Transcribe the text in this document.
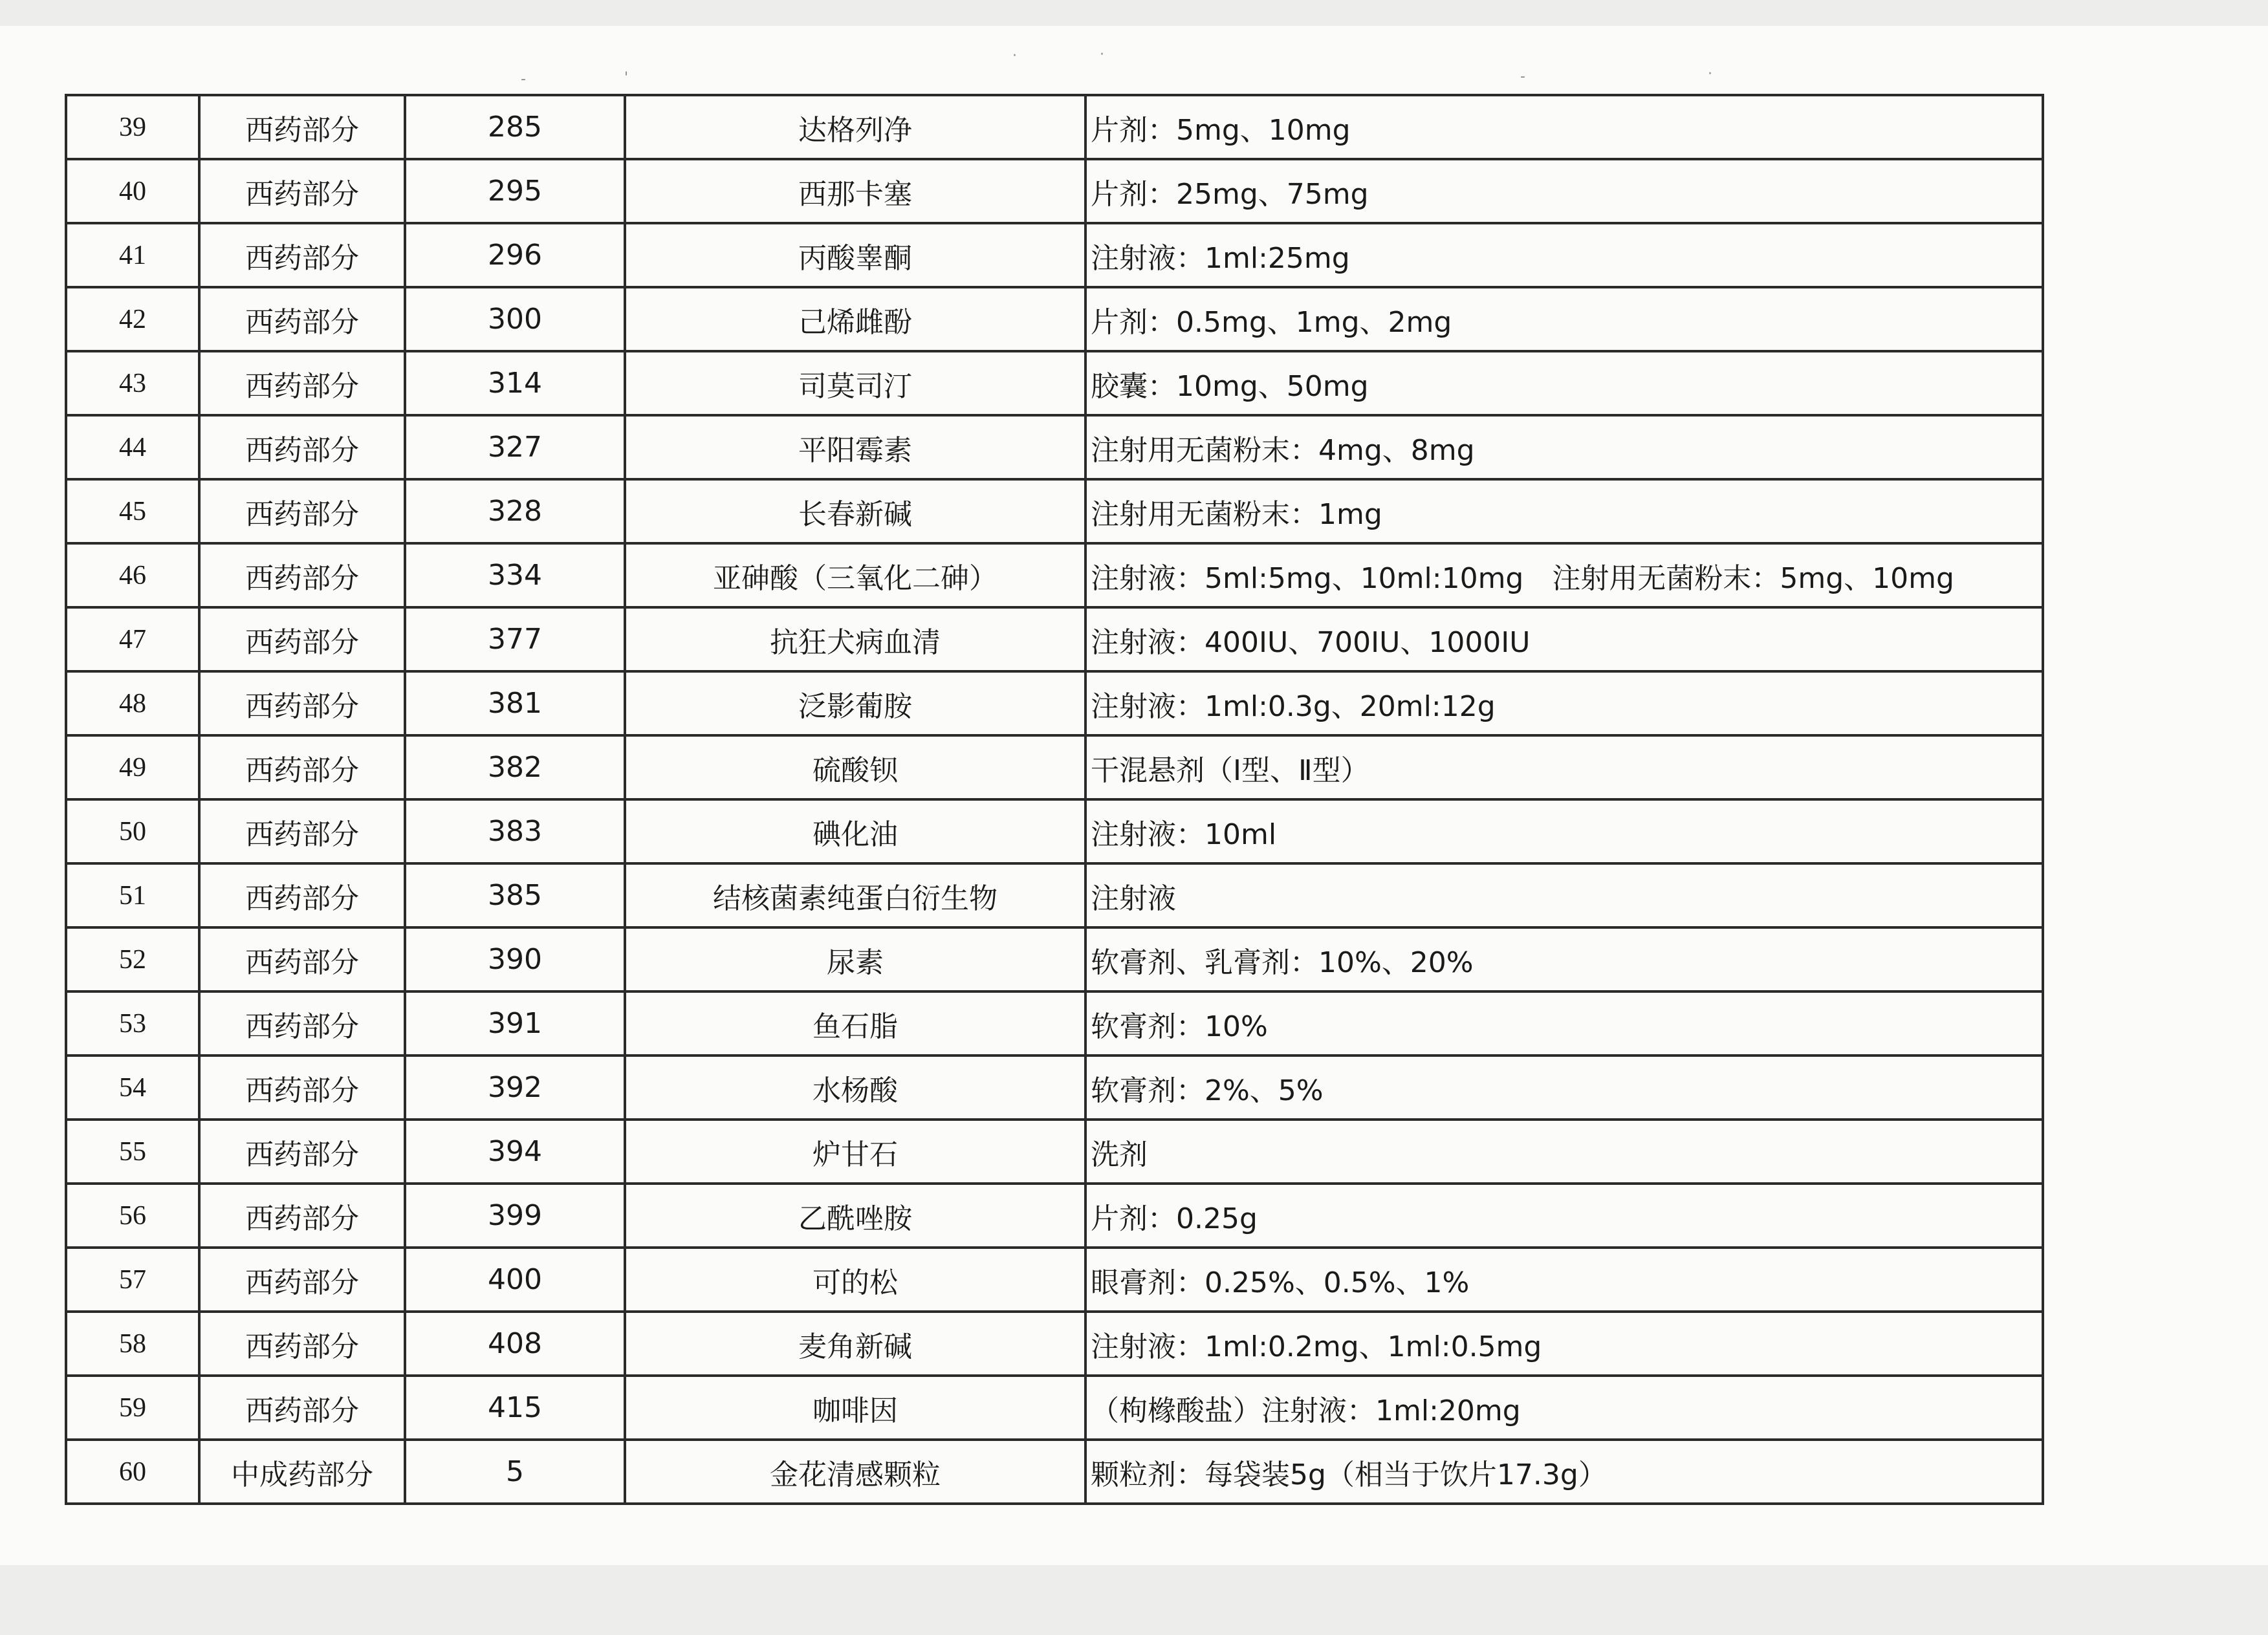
-	'
·	·
-	·
39	西药部分	285	达格列净	片剂：5mg、10mg
40	西药部分	295	西那卡塞	片剂：25mg、75mg
41	西药部分	296	丙酸睾酮	注射液：1ml:25mg
42	西药部分	300	己烯雌酚	片剂：0.5mg、1mg、2mg
43	西药部分	314	司莫司汀	胶囊：10mg、50mg
44	西药部分	327	平阳霉素	注射用无菌粉末：4mg、8mg
45	西药部分	328	长春新碱	注射用无菌粉末：1mg
46	西药部分	334	亚砷酸（三氧化二砷）	注射液：5ml:5mg、10ml:10mg　注射用无菌粉末：5mg、10mg
47	西药部分	377	抗狂犬病血清	注射液：400IU、700IU、1000IU
48	西药部分	381	泛影葡胺	注射液：1ml:0.3g、20ml:12g
49	西药部分	382	硫酸钡	干混悬剂（Ⅰ型、Ⅱ型）
50	西药部分	383	碘化油	注射液：10ml
51	西药部分	385	结核菌素纯蛋白衍生物	注射液
52	西药部分	390	尿素	软膏剂、乳膏剂：10%、20%
53	西药部分	391	鱼石脂	软膏剂：10%
54	西药部分	392	水杨酸	软膏剂：2%、5%
55	西药部分	394	炉甘石	洗剂
56	西药部分	399	乙酰唑胺	片剂：0.25g
57	西药部分	400	可的松	眼膏剂：0.25%、0.5%、1%
58	西药部分	408	麦角新碱	注射液：1ml:0.2mg、1ml:0.5mg
59	西药部分	415	咖啡因	（枸橼酸盐）注射液：1ml:20mg
60	中成药部分	5	金花清感颗粒	颗粒剂：每袋装5g（相当于饮片17.3g）
